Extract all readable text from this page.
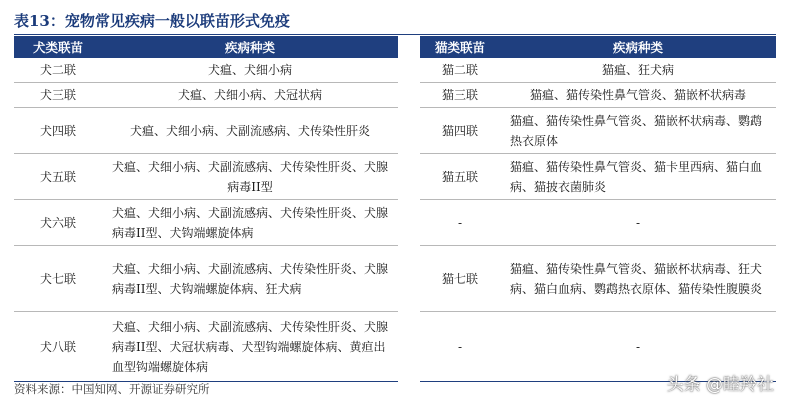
表13：宠物常见疾病一般以联苗形式免疫
犬类联苗	疾病种类
犬二联	犬瘟、犬细小病
犬三联	犬瘟、犬细小病、犬冠状病
犬四联	犬瘟、犬细小病、犬副流感病、犬传染性肝炎
犬五联	犬瘟、犬细小病、犬副流感病、犬传染性肝炎、犬腺病毒II型
犬六联	犬瘟、犬细小病、犬副流感病、犬传染性肝炎、犬腺病毒II型、犬钩端螺旋体病
犬七联	犬瘟、犬细小病、犬副流感病、犬传染性肝炎、犬腺病毒II型、犬钩端螺旋体病、狂犬病
犬八联	犬瘟、犬细小病、犬副流感病、犬传染性肝炎、犬腺病毒II型、犬冠状病毒、犬型钩端螺旋体病、黄疸出血型钩端螺旋体病
猫类联苗	疾病种类
猫二联	猫瘟、狂犬病
猫三联	猫瘟、猫传染性鼻气管炎、猫嵌杯状病毒
猫四联	猫瘟、猫传染性鼻气管炎、猫嵌杯状病毒、鹦鹉热衣原体
猫五联	猫瘟、猫传染性鼻气管炎、猫卡里西病、猫白血病、猫披衣菌肺炎
-	-
猫七联	猫瘟、猫传染性鼻气管炎、猫嵌杯状病毒、狂犬病、猫白血病、鹦鹉热衣原体、猫传染性腹膜炎
-	-
资料来源：中国知网、开源证券研究所	头条 @睦羚社
